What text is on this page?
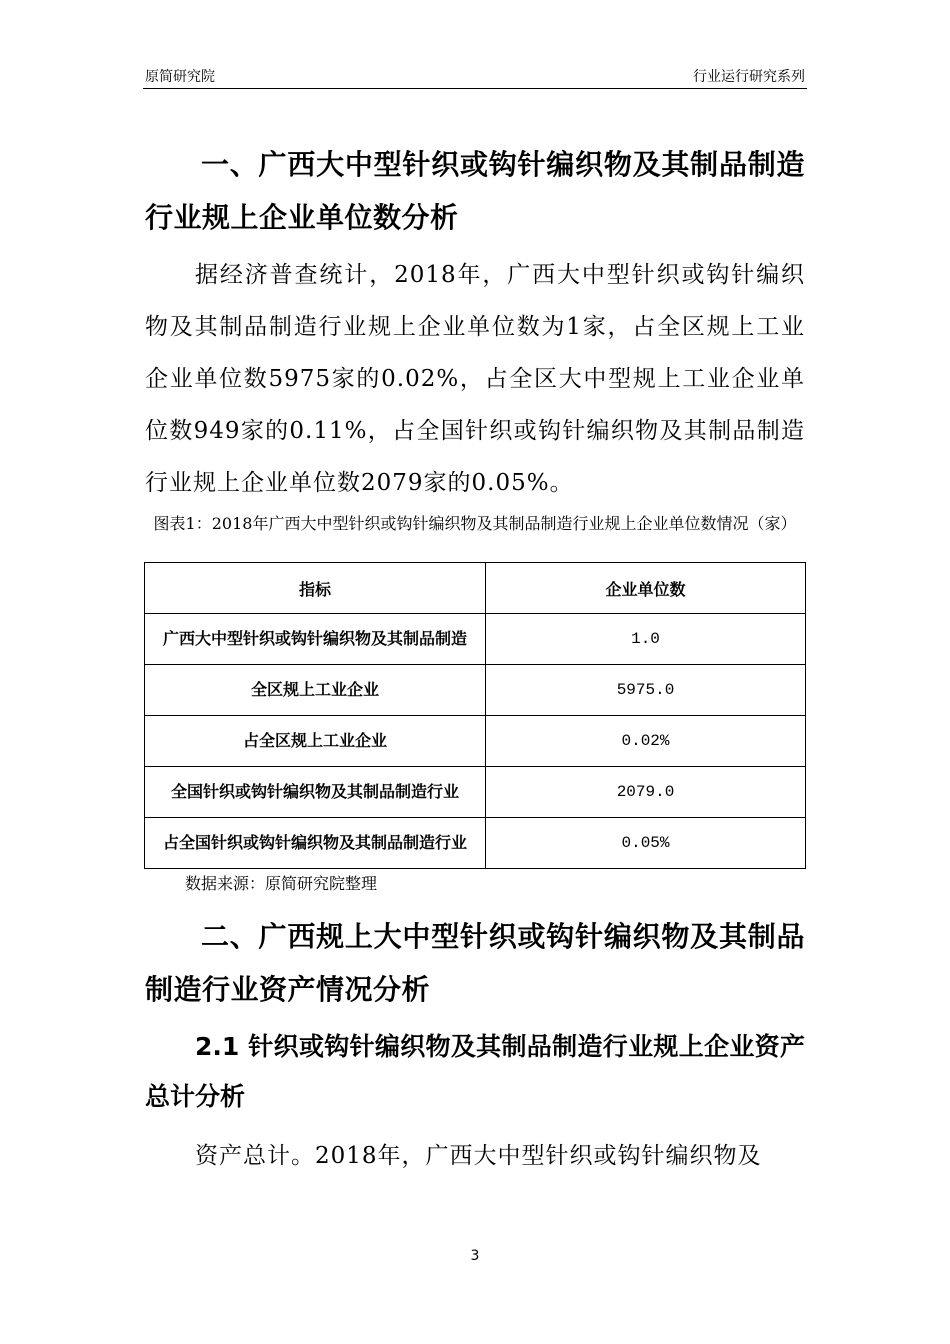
原简研究院	行业运行研究系列
一、广西大中型针织或钩针编织物及其制品制造行业规上企业单位数分析
据经济普查统计，2018年，广西大中型针织或钩针编织物及其制品制造行业规上企业单位数为1家，占全区规上工业企业单位数5975家的0.02%，占全区大中型规上工业企业单位数949家的0.11%，占全国针织或钩针编织物及其制品制造行业规上企业单位数2079家的0.05%。
图表1：2018年广西大中型针织或钩针编织物及其制品制造行业规上企业单位数情况（家）
指标	企业单位数
广西大中型针织或钩针编织物及其制品制造	1.0
全区规上工业企业	5975.0
占全区规上工业企业	0.02%
全国针织或钩针编织物及其制品制造行业	2079.0
占全国针织或钩针编织物及其制品制造行业	0.05%
数据来源：原简研究院整理
二、广西规上大中型针织或钩针编织物及其制品制造行业资产情况分析
2.1 针织或钩针编织物及其制品制造行业规上企业资产总计分析
资产总计。2018年，广西大中型针织或钩针编织物及
3
